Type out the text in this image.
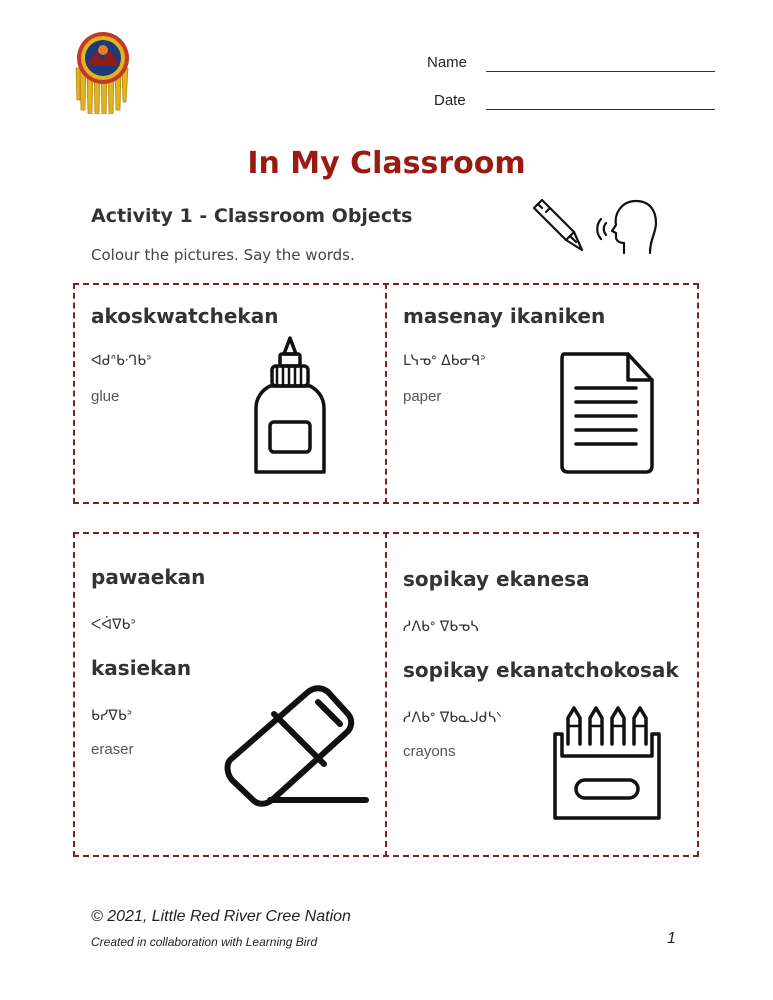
Name
Date
In My Classroom
Activity 1 - Classroom Objects
Colour the pictures. Say the words.
akoskwatchekan
ᐊᑯᐢᑲᐧᒉᑲᐣ
glue
masenay ikaniken
ᒪᓭᓀᐤ ᐃᑲᓂᑫᐣ
paper
pawaekan
ᐸᐋᐁᑲᐣ
kasiekan
ᑲᓯᐁᑲᐣ
eraser
sopikay ekanesa
ᓱᐱᑲᐤ ᐁᑲᓀᓴ
sopikay ekanatchokosak
ᓱᐱᑲᐤ ᐁᑲᓇᒍᑯᓴᐠ
crayons
© 2021, Little Red River Cree Nation
Created in collaboration with Learning Bird	1
